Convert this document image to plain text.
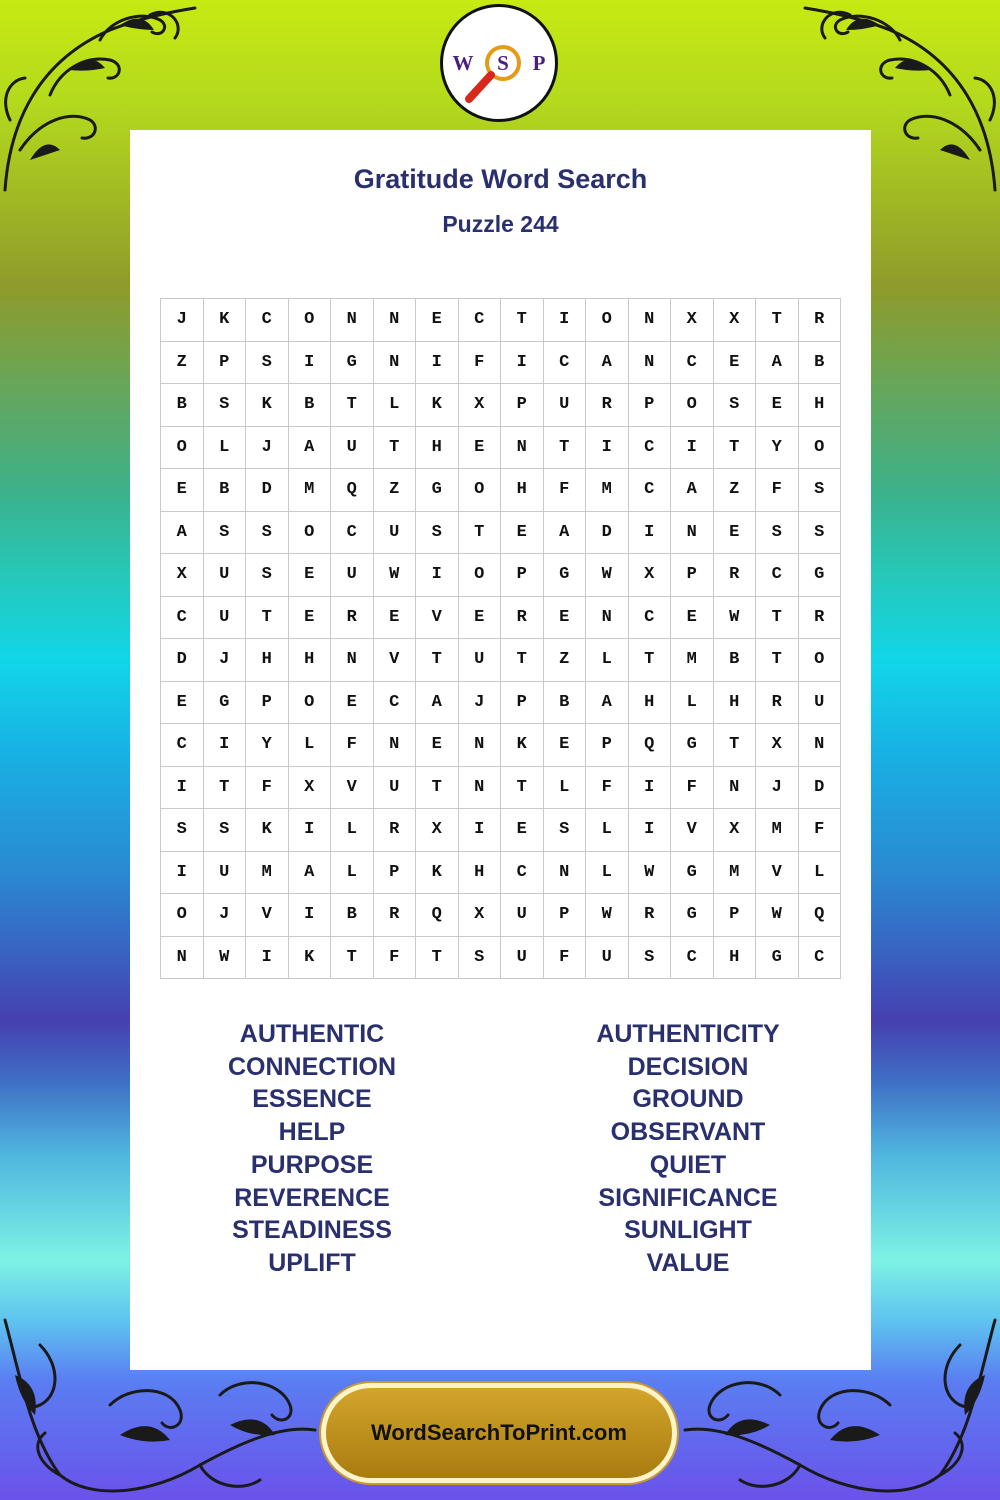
S
W	P
Gratitude Word Search
Puzzle 244
J	K	C	O	N	N	E	C	T	I	O	N	X	X	T	R
Z	P	S	I	G	N	I	F	I	C	A	N	C	E	A	B
B	S	K	B	T	L	K	X	P	U	R	P	O	S	E	H
O	L	J	A	U	T	H	E	N	T	I	C	I	T	Y	O
E	B	D	M	Q	Z	G	O	H	F	M	C	A	Z	F	S
A	S	S	O	C	U	S	T	E	A	D	I	N	E	S	S
X	U	S	E	U	W	I	O	P	G	W	X	P	R	C	G
C	U	T	E	R	E	V	E	R	E	N	C	E	W	T	R
D	J	H	H	N	V	T	U	T	Z	L	T	M	B	T	O
E	G	P	O	E	C	A	J	P	B	A	H	L	H	R	U
C	I	Y	L	F	N	E	N	K	E	P	Q	G	T	X	N
I	T	F	X	V	U	T	N	T	L	F	I	F	N	J	D
S	S	K	I	L	R	X	I	E	S	L	I	V	X	M	F
I	U	M	A	L	P	K	H	C	N	L	W	G	M	V	L
O	J	V	I	B	R	Q	X	U	P	W	R	G	P	W	Q
N	W	I	K	T	F	T	S	U	F	U	S	C	H	G	C
AUTHENTIC
CONNECTION
ESSENCE
HELP
PURPOSE
REVERENCE
STEADINESS
UPLIFT
AUTHENTICITY
DECISION
GROUND
OBSERVANT
QUIET
SIGNIFICANCE
SUNLIGHT
VALUE
WordSearchToPrint.com
